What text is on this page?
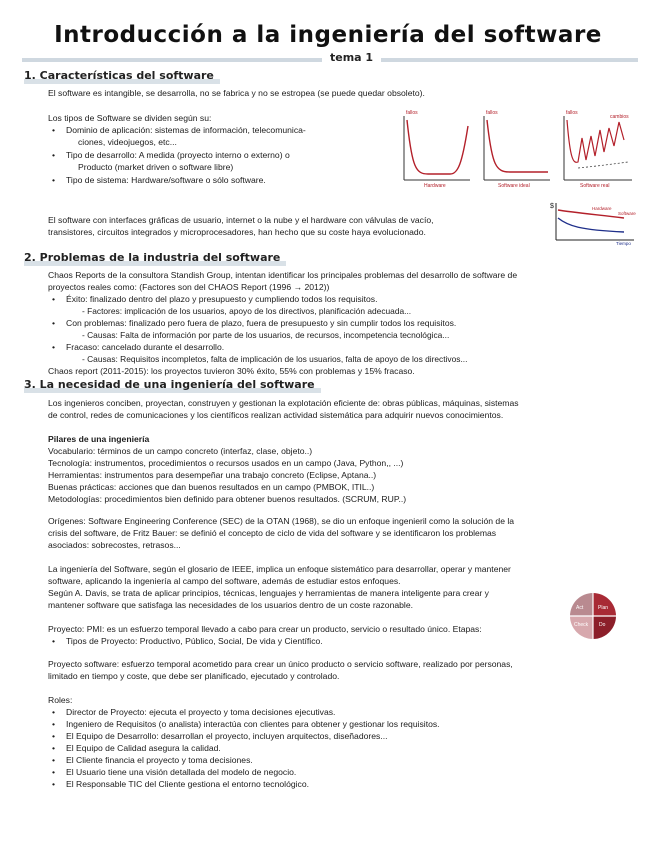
Introducción a la ingeniería del software
tema 1
1. Características del software
El software es intangible, se desarrolla, no se fabrica y no se estropea (se puede quedar obsoleto).
Los tipos de Software se dividen según su:
• Dominio de aplicación: sistemas de información, telecomunica-
ciones, videojuegos, etc...
• Tipo de desarrollo: A medida (proyecto interno o externo) o
Producto (market driven o software libre)
• Tipo de sistema: Hardware/software o sólo software.
fallos
Hardware
fallos
Software ideal
fallos
Software real
cambios
El software con interfaces gráficas de usuario, internet o la nube y el hardware con válvulas de vacío,
transistores, circuitos integrados y microprocesadores, han hecho que su coste haya evolucionado.
$	Hardware
Software
Tiempo
2. Problemas de la industria del software
Chaos Reports de la consultora Standish Group, intentan identificar los principales problemas del desarrollo de software de
proyectos reales como: (Factores son del CHAOS Report (1996 → 2012))
• Éxito: finalizado dentro del plazo y presupuesto y cumpliendo todos los requisitos.
- Factores: implicación de los usuarios, apoyo de los directivos, planificación adecuada...
• Con problemas: finalizado pero fuera de plazo, fuera de presupuesto y sin cumplir todos los requisitos.
- Causas: Falta de información por parte de los usuarios, de recursos, incompetencia tecnológica...
• Fracaso: cancelado durante el desarrollo.
- Causas: Requisitos incompletos, falta de implicación de los usuarios, falta de apoyo de los directivos...
Chaos report (2011-2015): los proyectos tuvieron 30% éxito, 55% con problemas y 15% fracaso.
3. La necesidad de una ingeniería del software
Los ingenieros conciben, proyectan, construyen y gestionan la explotación eficiente de: obras públicas, máquinas, sistemas
de control, redes de comunicaciones y los científicos realizan actividad sistemática para adquirir nuevos conocimientos.
Pilares de una ingeniería
Vocabulario: términos de un campo concreto (interfaz, clase, objeto..)
Tecnología: instrumentos, procedimientos o recursos usados en un campo (Java, Python,, ...)
Herramientas: instrumentos para desempeñar una trabajo concreto (Eclipse, Aptana..)
Buenas prácticas: acciones que dan buenos resultados en un campo (PMBOK, ITIL..)
Metodologías: procedimientos bien definido para obtener buenos resultados. (SCRUM, RUP..)
Orígenes: Software Engineering Conference (SEC) de la OTAN (1968), se dio un enfoque ingenieril como la solución de la
crisis del software, de Fritz Bauer: se definió el concepto de ciclo de vida del software y se identificaron los problemas
asociados: sobrecostes, retrasos...
La ingeniería del Software, según el glosario de IEEE, implica un enfoque sistemático para desarrollar, operar y mantener
software, aplicando la ingeniería al campo del software, además de estudiar estos enfoques.
Según A. Davis, se trata de aplicar principios, técnicas, lenguajes y herramientas de manera inteligente para crear y
mantener software que satisfaga las necesidades de los usuarios dentro de un coste razonable.	Act	Plan
Check Do
Proyecto: PMI: es un esfuerzo temporal llevado a cabo para crear un producto, servicio o resultado único. Etapas:
• Tipos de Proyecto: Productivo, Público, Social, De vida y Científico.
Proyecto software: esfuerzo temporal acometido para crear un único producto o servicio software, realizado por personas,
limitado en tiempo y coste, que debe ser planificado, ejecutado y controlado.
Roles:
• Director de Proyecto: ejecuta el proyecto y toma decisiones ejecutivas.
• Ingeniero de Requisitos (o analista) interactúa con clientes para obtener y gestionar los requisitos.
• El Equipo de Desarrollo: desarrollan el proyecto, incluyen arquitectos, diseñadores...
• El Equipo de Calidad asegura la calidad.
• El Cliente financia el proyecto y toma decisiones.
• El Usuario tiene una visión detallada del modelo de negocio.
• El Responsable TIC del Cliente gestiona el entorno tecnológico.
